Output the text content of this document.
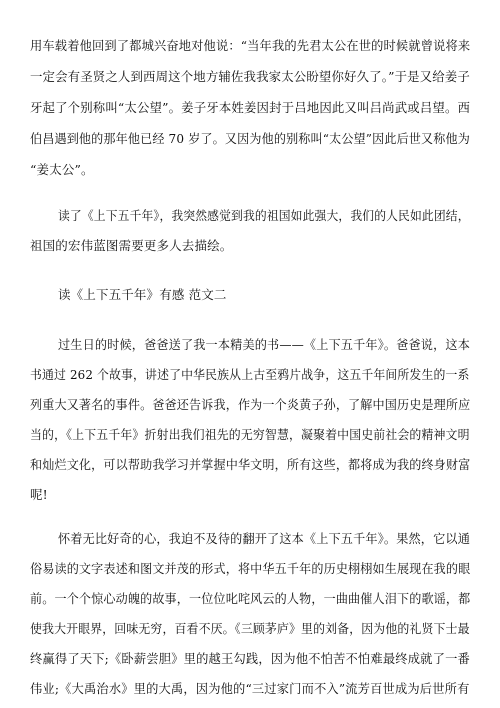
用车载着他回到了都城兴奋地对他说：“当年我的先君太公在世的时候就曾说将来
一定会有圣贤之人到西周这个地方辅佐我我家太公盼望你好久了。”于是又给姜子
牙起了个别称叫“太公望”。姜子牙本姓姜因封于吕地因此又叫吕尚武或吕望。西
伯昌遇到他的那年他已经 70 岁了。又因为他的别称叫“太公望”因此后世又称他为
“姜太公”。
读了《上下五千年》，我突然感觉到我的祖国如此强大，我们的人民如此团结，
祖国的宏伟蓝图需要更多人去描绘。
读《上下五千年》有感 范文二
过生日的时候，爸爸送了我一本精美的书——《上下五千年》。爸爸说，这本
书通过 262 个故事，讲述了中华民族从上古至鸦片战争，这五千年间所发生的一系
列重大又著名的事件。爸爸还告诉我，作为一个炎黄子孙，了解中国历史是理所应
当的，《上下五千年》折射出我们祖先的无穷智慧，凝聚着中国史前社会的精神文明
和灿烂文化，可以帮助我学习并掌握中华文明，所有这些，都将成为我的终身财富
呢!
怀着无比好奇的心，我迫不及待的翻开了这本《上下五千年》。果然，它以通
俗易读的文字表述和图文并茂的形式，将中华五千年的历史栩栩如生展现在我的眼
前。一个个惊心动魄的故事，一位位叱咤风云的人物，一曲曲催人泪下的歌谣，都
使我大开眼界，回味无穷，百看不厌。《三顾茅庐》里的刘备，因为他的礼贤下士最
终赢得了天下;《卧薪尝胆》里的越王勾践，因为他不怕苦不怕难最终成就了一番
伟业;《大禹治水》里的大禹，因为他的“三过家门而不入”流芳百世成为后世所有
